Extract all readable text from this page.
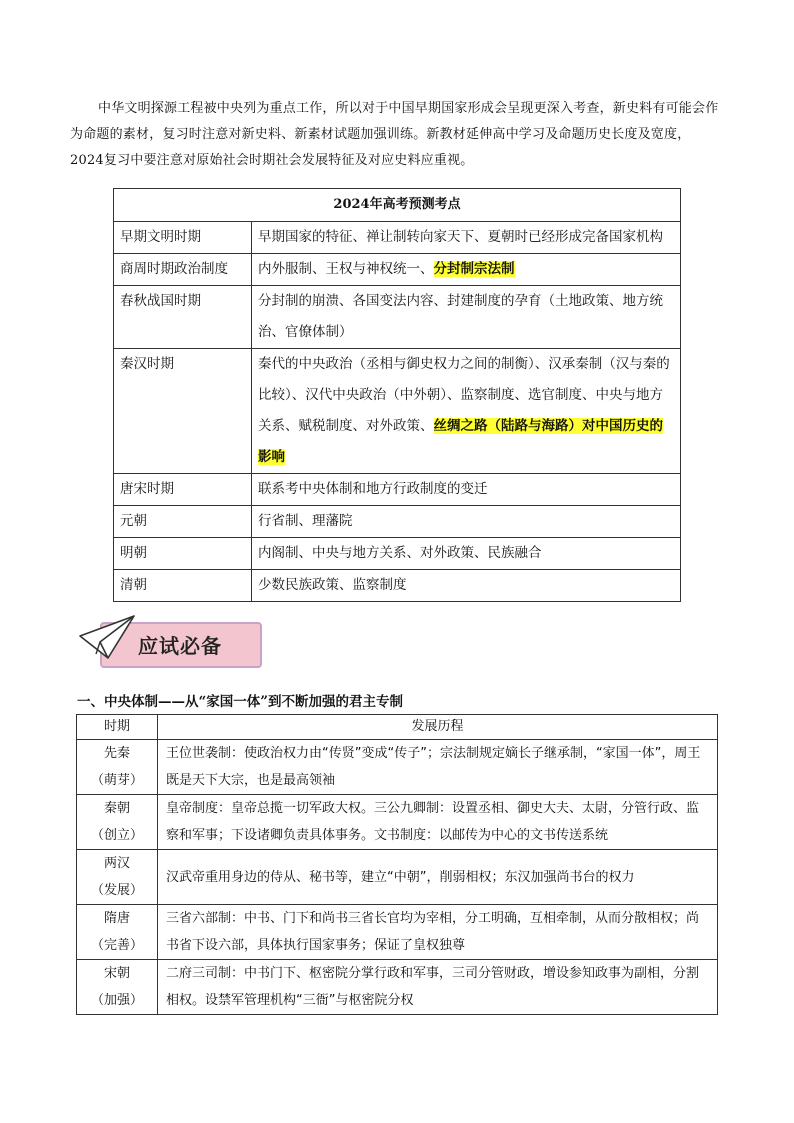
中华文明探源工程被中央列为重点工作，所以对于中国早期国家形成会呈现更深入考查，新史料有可能会作为命题的素材，复习时注意对新史料、新素材试题加强训练。新教材延伸高中学习及命题历史长度及宽度，2024复习中要注意对原始社会时期社会发展特征及对应史料应重视。

2024年高考预测考点	
早期文明时期	早期国家的特征、禅让制转向家天下、夏朝时已经形成完备国家机构
商周时期政治制度	内外服制、王权与神权统一、分封制宗法制
春秋战国时期	分封制的崩溃、各国变法内容、封建制度的孕育（土地政策、地方统治、官僚体制）
秦汉时期	秦代的中央政治（丞相与御史权力之间的制衡）、汉承秦制（汉与秦的比较）、汉代中央政治（中外朝）、监察制度、选官制度、中央与地方关系、赋税制度、对外政策、丝绸之路（陆路与海路）对中国历史的影响
唐宋时期	联系考中央体制和地方行政制度的变迁
元朝	行省制、理藩院
明朝	内阁制、中央与地方关系、对外政策、民族融合
清朝	少数民族政策、监察制度
应试必备
一、中央体制——从“家国一体”到不断加强的君主专制
时期	发展历程

先秦
（萌芽）	王位世袭制：使政治权力由“传贤”变成“传子”；宗法制规定嫡长子继承制，“家国一体”，周王既是天下大宗，也是最高领袖

秦朝
（创立）	皇帝制度：皇帝总揽一切军政大权。三公九卿制：设置丞相、御史大夫、太尉，分管行政、监察和军事；下设诸卿负责具体事务。文书制度：以邮传为中心的文书传送系统

两汉
（发展）	汉武帝重用身边的侍从、秘书等，建立“中朝”，削弱相权；东汉加强尚书台的权力

隋唐
（完善）	三省六部制：中书、门下和尚书三省长官均为宰相，分工明确，互相牵制，从而分散相权；尚书省下设六部，具体执行国家事务；保证了皇权独尊

宋朝
（加强）	二府三司制：中书门下、枢密院分掌行政和军事，三司分管财政，增设参知政事为副相，分割相权。设禁军管理机构“三衙”与枢密院分权
